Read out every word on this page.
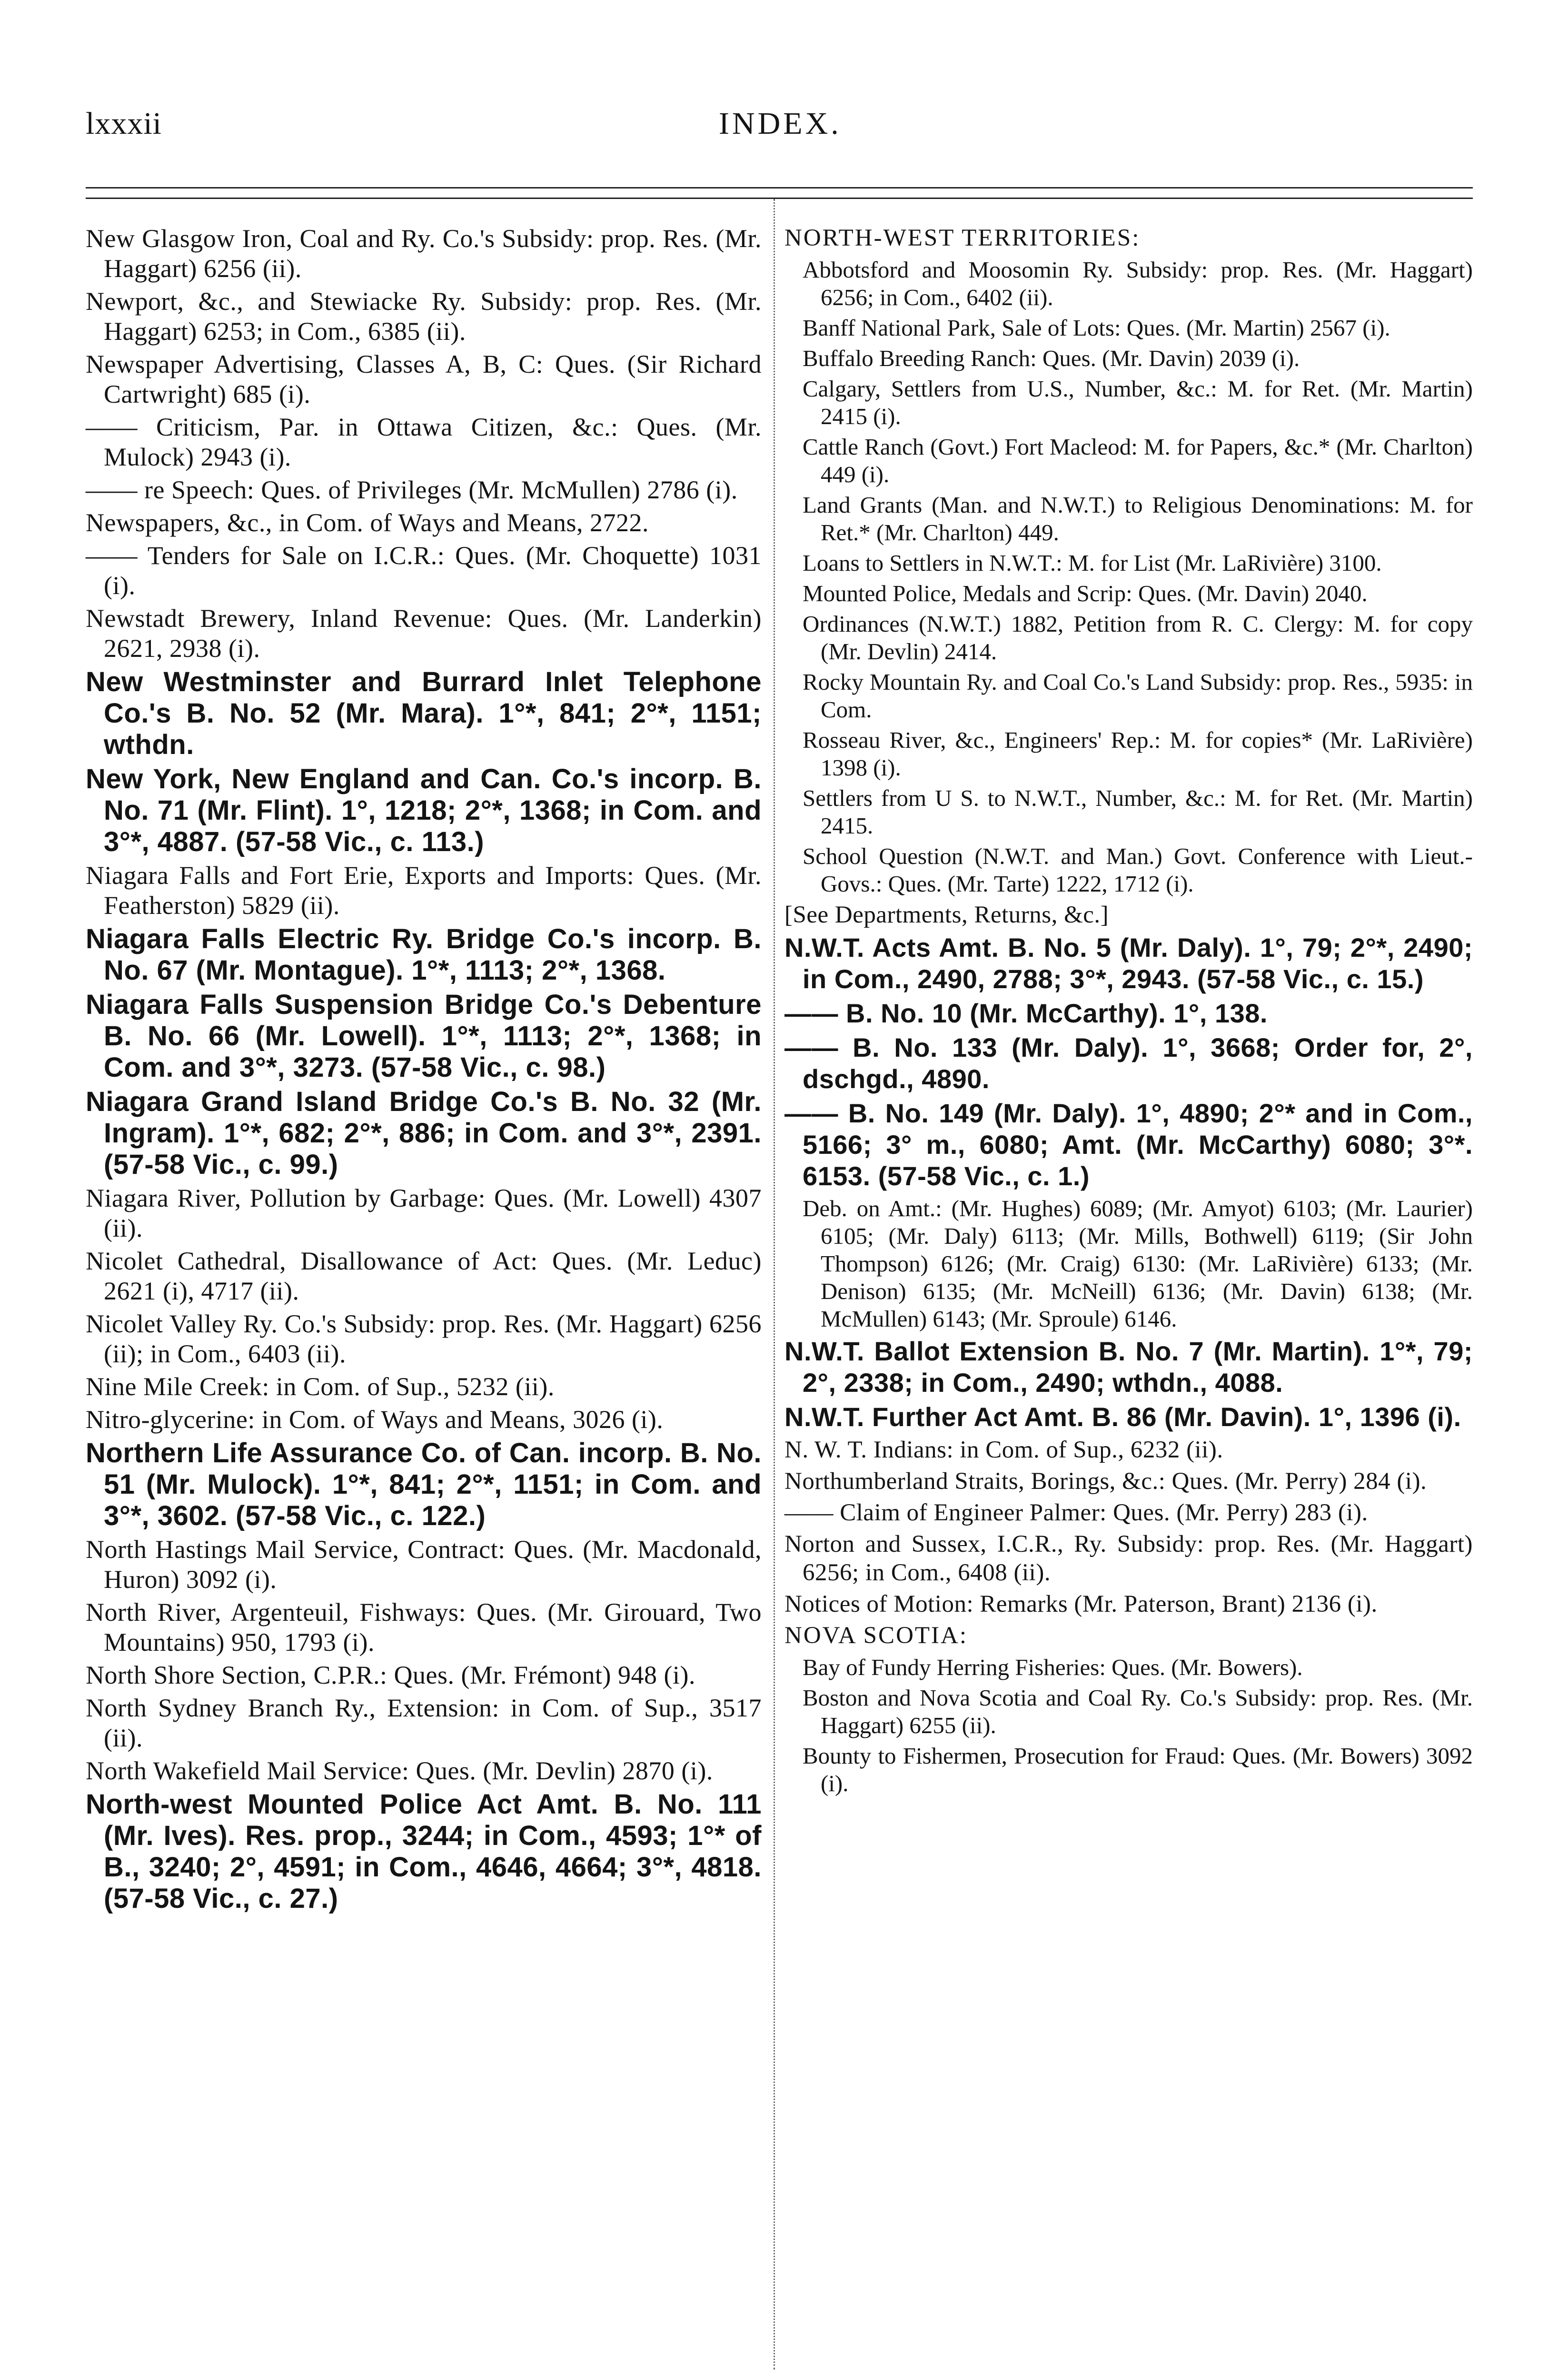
lxxxii	INDEX.

New Glasgow Iron, Coal and Ry. Co.'s Subsidy: prop. Res. (Mr. Haggart) 6256 (ii).

Newport, &c., and Stewiacke Ry. Subsidy: prop. Res. (Mr. Haggart) 6253; in Com., 6385 (ii).

Newspaper Advertising, Classes A, B, C: Ques. (Sir Richard Cartwright) 685 (i).

—— Criticism, Par. in Ottawa Citizen, &c.: Ques. (Mr. Mulock) 2943 (i).

—— re Speech: Ques. of Privileges (Mr. McMullen) 2786 (i).

Newspapers, &c., in Com. of Ways and Means, 2722.

—— Tenders for Sale on I.C.R.: Ques. (Mr. Choquette) 1031 (i).

Newstadt Brewery, Inland Revenue: Ques. (Mr. Landerkin) 2621, 2938 (i).

New Westminster and Burrard Inlet Telephone Co.'s B. No. 52 (Mr. Mara). 1°*, 841; 2°*, 1151; wthdn.

New York, New England and Can. Co.'s incorp. B. No. 71 (Mr. Flint). 1°, 1218; 2°*, 1368; in Com. and 3°*, 4887. (57-58 Vic., c. 113.)

Niagara Falls and Fort Erie, Exports and Imports: Ques. (Mr. Featherston) 5829 (ii).

Niagara Falls Electric Ry. Bridge Co.'s incorp. B. No. 67 (Mr. Montague). 1°*, 1113; 2°*, 1368.

Niagara Falls Suspension Bridge Co.'s Debenture B. No. 66 (Mr. Lowell). 1°*, 1113; 2°*, 1368; in Com. and 3°*, 3273. (57-58 Vic., c. 98.)

Niagara Grand Island Bridge Co.'s B. No. 32 (Mr. Ingram). 1°*, 682; 2°*, 886; in Com. and 3°*, 2391. (57-58 Vic., c. 99.)

Niagara River, Pollution by Garbage: Ques. (Mr. Lowell) 4307 (ii).

Nicolet Cathedral, Disallowance of Act: Ques. (Mr. Leduc) 2621 (i), 4717 (ii).

Nicolet Valley Ry. Co.'s Subsidy: prop. Res. (Mr. Haggart) 6256 (ii); in Com., 6403 (ii).

Nine Mile Creek: in Com. of Sup., 5232 (ii).

Nitro-glycerine: in Com. of Ways and Means, 3026 (i).

Northern Life Assurance Co. of Can. incorp. B. No. 51 (Mr. Mulock). 1°*, 841; 2°*, 1151; in Com. and 3°*, 3602. (57-58 Vic., c. 122.)

North Hastings Mail Service, Contract: Ques. (Mr. Macdonald, Huron) 3092 (i).

North River, Argenteuil, Fishways: Ques. (Mr. Girouard, Two Mountains) 950, 1793 (i).

North Shore Section, C.P.R.: Ques. (Mr. Frémont) 948 (i).

North Sydney Branch Ry., Extension: in Com. of Sup., 3517 (ii).

North Wakefield Mail Service: Ques. (Mr. Devlin) 2870 (i).

North-west Mounted Police Act Amt. B. No. 111 (Mr. Ives). Res. prop., 3244; in Com., 4593; 1°* of B., 3240; 2°, 4591; in Com., 4646, 4664; 3°*, 4818. (57-58 Vic., c. 27.)

NORTH-WEST TERRITORIES:

Abbotsford and Moosomin Ry. Subsidy: prop. Res. (Mr. Haggart) 6256; in Com., 6402 (ii).

Banff National Park, Sale of Lots: Ques. (Mr. Martin) 2567 (i).

Buffalo Breeding Ranch: Ques. (Mr. Davin) 2039 (i).

Calgary, Settlers from U.S., Number, &c.: M. for Ret. (Mr. Martin) 2415 (i).

Cattle Ranch (Govt.) Fort Macleod: M. for Papers, &c.* (Mr. Charlton) 449 (i).

Land Grants (Man. and N.W.T.) to Religious Denominations: M. for Ret.* (Mr. Charlton) 449.

Loans to Settlers in N.W.T.: M. for List (Mr. LaRivière) 3100.

Mounted Police, Medals and Scrip: Ques. (Mr. Davin) 2040.

Ordinances (N.W.T.) 1882, Petition from R. C. Clergy: M. for copy (Mr. Devlin) 2414.

Rocky Mountain Ry. and Coal Co.'s Land Subsidy: prop. Res., 5935: in Com.

Rosseau River, &c., Engineers' Rep.: M. for copies* (Mr. LaRivière) 1398 (i).

Settlers from U S. to N.W.T., Number, &c.: M. for Ret. (Mr. Martin) 2415.

School Question (N.W.T. and Man.) Govt. Conference with Lieut.-Govs.: Ques. (Mr. Tarte) 1222, 1712 (i).

[See Departments, Returns, &c.]

N.W.T. Acts Amt. B. No. 5 (Mr. Daly). 1°, 79; 2°*, 2490; in Com., 2490, 2788; 3°*, 2943. (57-58 Vic., c. 15.)

—— B. No. 10 (Mr. McCarthy). 1°, 138.

—— B. No. 133 (Mr. Daly). 1°, 3668; Order for, 2°, dschgd., 4890.

—— B. No. 149 (Mr. Daly). 1°, 4890; 2°* and in Com., 5166; 3° m., 6080; Amt. (Mr. McCarthy) 6080; 3°*. 6153. (57-58 Vic., c. 1.)

Deb. on Amt.: (Mr. Hughes) 6089; (Mr. Amyot) 6103; (Mr. Laurier) 6105; (Mr. Daly) 6113; (Mr. Mills, Bothwell) 6119; (Sir John Thompson) 6126; (Mr. Craig) 6130: (Mr. LaRivière) 6133; (Mr. Denison) 6135; (Mr. McNeill) 6136; (Mr. Davin) 6138; (Mr. McMullen) 6143; (Mr. Sproule) 6146.

N.W.T. Ballot Extension B. No. 7 (Mr. Martin). 1°*, 79; 2°, 2338; in Com., 2490; wthdn., 4088.

N.W.T. Further Act Amt. B. 86 (Mr. Davin). 1°, 1396 (i).

N. W. T. Indians: in Com. of Sup., 6232 (ii).

Northumberland Straits, Borings, &c.: Ques. (Mr. Perry) 284 (i).

—— Claim of Engineer Palmer: Ques. (Mr. Perry) 283 (i).

Norton and Sussex, I.C.R., Ry. Subsidy: prop. Res. (Mr. Haggart) 6256; in Com., 6408 (ii).

Notices of Motion: Remarks (Mr. Paterson, Brant) 2136 (i).

NOVA SCOTIA:

Bay of Fundy Herring Fisheries: Ques. (Mr. Bowers).

Boston and Nova Scotia and Coal Ry. Co.'s Subsidy: prop. Res. (Mr. Haggart) 6255 (ii).

Bounty to Fishermen, Prosecution for Fraud: Ques. (Mr. Bowers) 3092 (i).
